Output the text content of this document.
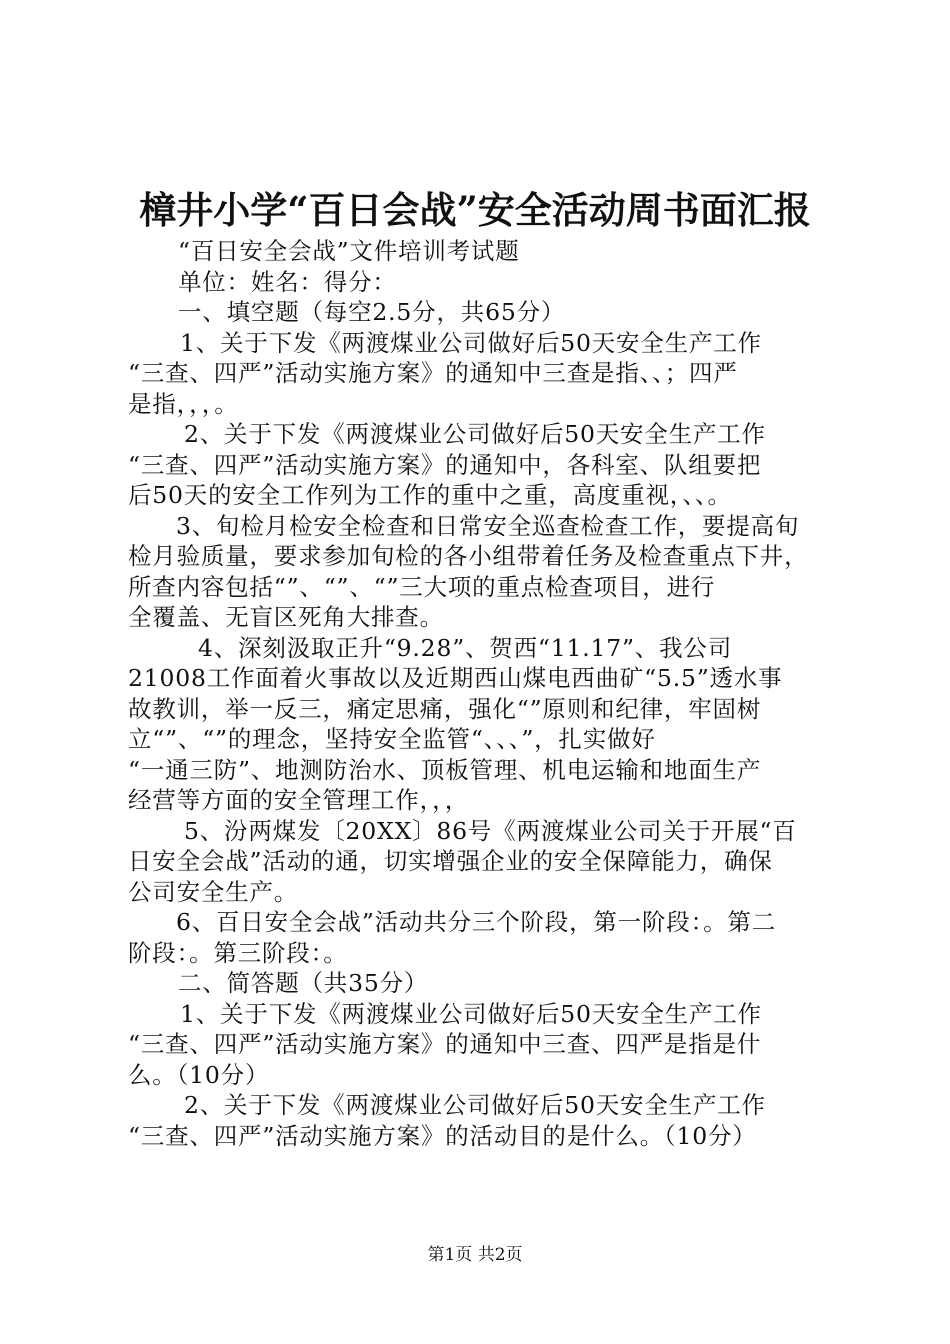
樟井小学“百日会战”安全活动周书面汇报
“百日安全会战”文件培训考试题
单位：姓名：得分：
一、填空题（每空2.5分，共65分）
1、关于下发《两渡煤业公司做好后50天安全生产工作
“三查、四严”活动实施方案》的通知中三查是指、、；四严
是指，，，。
2、关于下发《两渡煤业公司做好后50天安全生产工作
“三查、四严”活动实施方案》的通知中，各科室、队组要把
后50天的安全工作列为工作的重中之重，高度重视，、、。
3、旬检月检安全检查和日常安全巡查检查工作，要提高旬
检月验质量，要求参加旬检的各小组带着任务及检查重点下井，
所查内容包括“”、“”、“”三大项的重点检查项目，进行
全覆盖、无盲区死角大排查。
4、深刻汲取正升“9.28”、贺西“11.17”、我公司
21008工作面着火事故以及近期西山煤电西曲矿“5.5”透水事
故教训，举一反三，痛定思痛，强化“”原则和纪律，牢固树
立“”、“”的理念，坚持安全监管“、、、”，扎实做好
“一通三防”、地测防治水、顶板管理、机电运输和地面生产
经营等方面的安全管理工作，，，
5、汾两煤发〔20XX〕86号《两渡煤业公司关于开展“百
日安全会战”活动的通，切实增强企业的安全保障能力，确保
公司安全生产。
6、百日安全会战”活动共分三个阶段，第一阶段：。第二
阶段：。第三阶段：。
二、简答题（共35分）
1、关于下发《两渡煤业公司做好后50天安全生产工作
“三查、四严”活动实施方案》的通知中三查、四严是指是什
么。（10分）
2、关于下发《两渡煤业公司做好后50天安全生产工作
“三查、四严”活动实施方案》的活动目的是什么。（10分）
第1页 共2页
